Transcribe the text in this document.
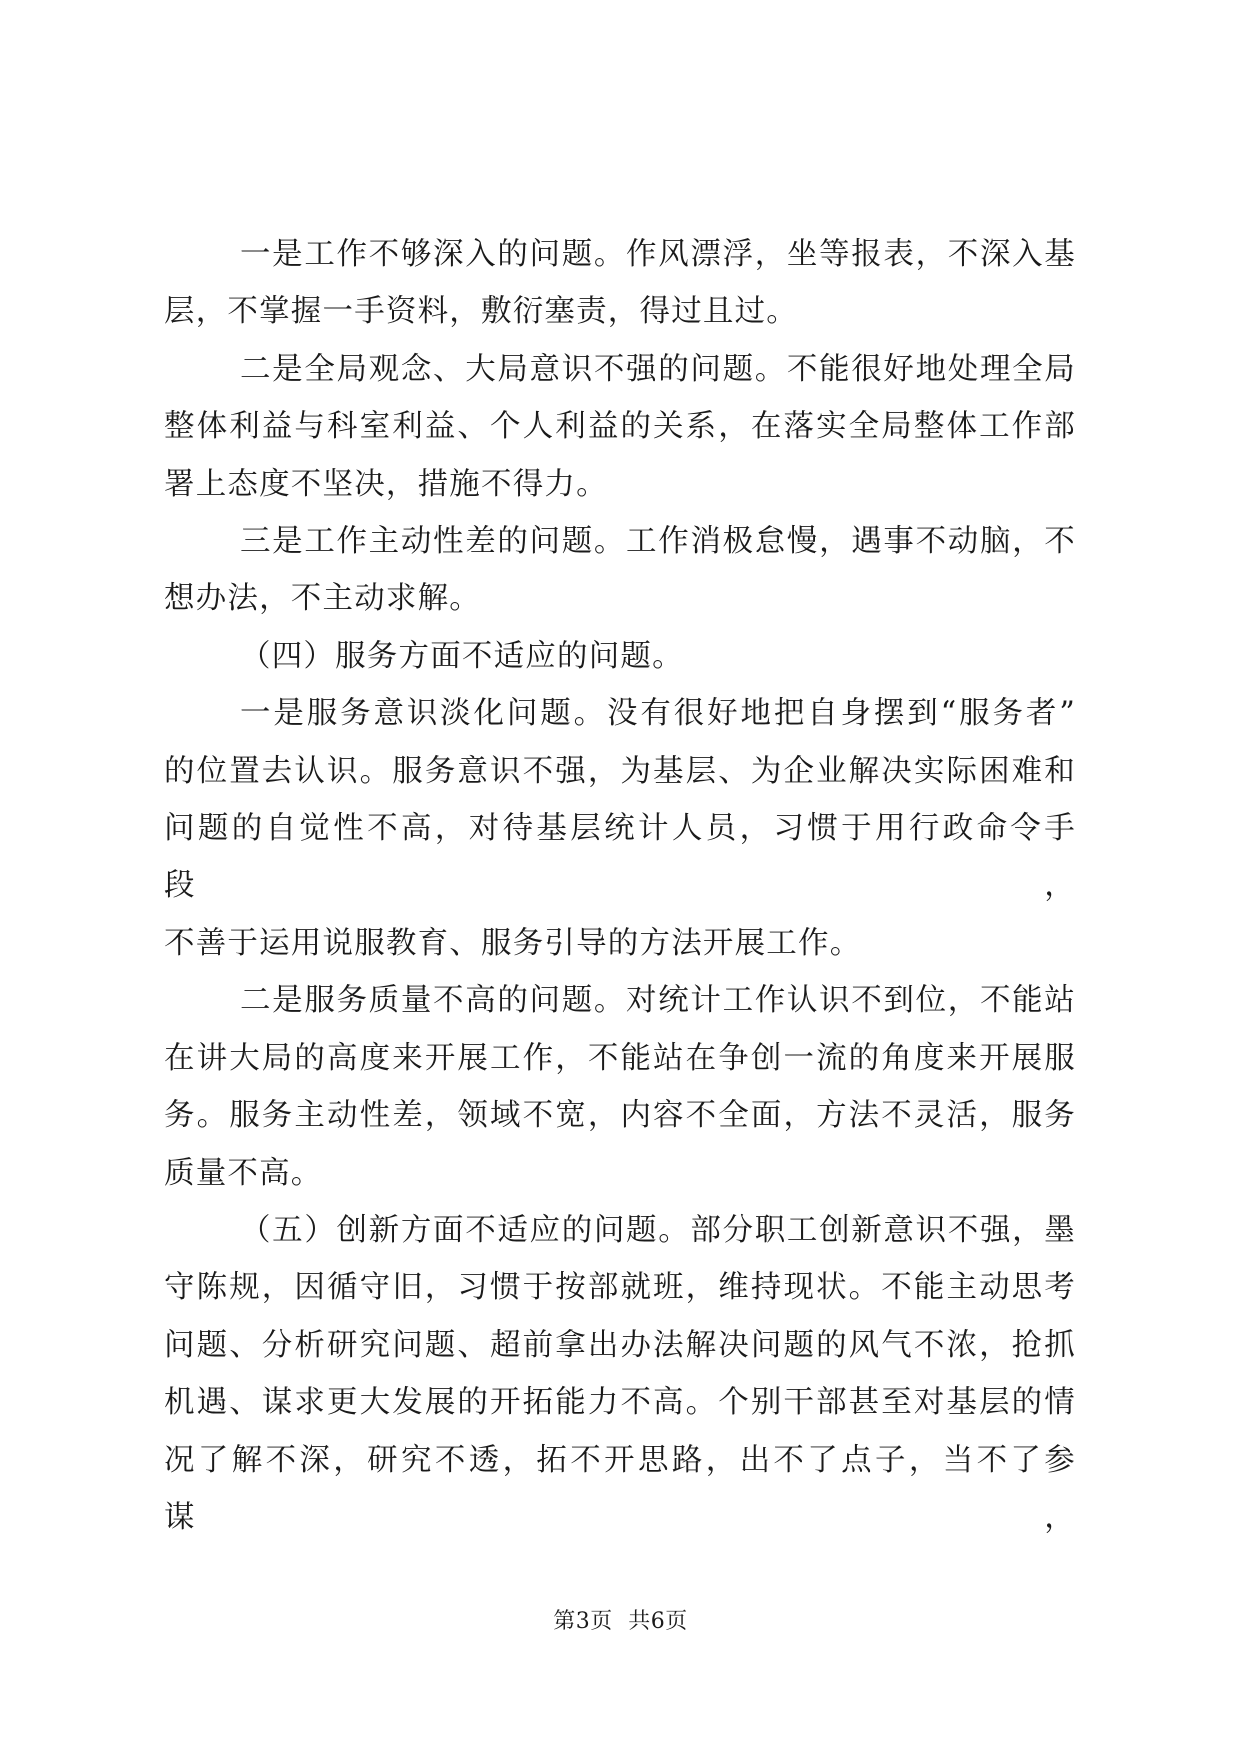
一是工作不够深入的问题。作风漂浮，坐等报表，不深入基
层，不掌握一手资料，敷衍塞责，得过且过。

二是全局观念、大局意识不强的问题。不能很好地处理全局
整体利益与科室利益、个人利益的关系，在落实全局整体工作部
署上态度不坚决，措施不得力。

三是工作主动性差的问题。工作消极怠慢，遇事不动脑，不
想办法，不主动求解。

（四）服务方面不适应的问题。

一是服务意识淡化问题。没有很好地把自身摆到“服务者”
的位置去认识。服务意识不强，为基层、为企业解决实际困难和
问题的自觉性不高，对待基层统计人员，习惯于用行政命令手段，
不善于运用说服教育、服务引导的方法开展工作。

二是服务质量不高的问题。对统计工作认识不到位，不能站
在讲大局的高度来开展工作，不能站在争创一流的角度来开展服
务。服务主动性差，领域不宽，内容不全面，方法不灵活，服务
质量不高。

（五）创新方面不适应的问题。部分职工创新意识不强，墨
守陈规，因循守旧，习惯于按部就班，维持现状。不能主动思考
问题、分析研究问题、超前拿出办法解决问题的风气不浓，抢抓
机遇、谋求更大发展的开拓能力不高。个别干部甚至对基层的情
况了解不深，研究不透，拓不开思路，出不了点子，当不了参谋，

第3页 共6页
